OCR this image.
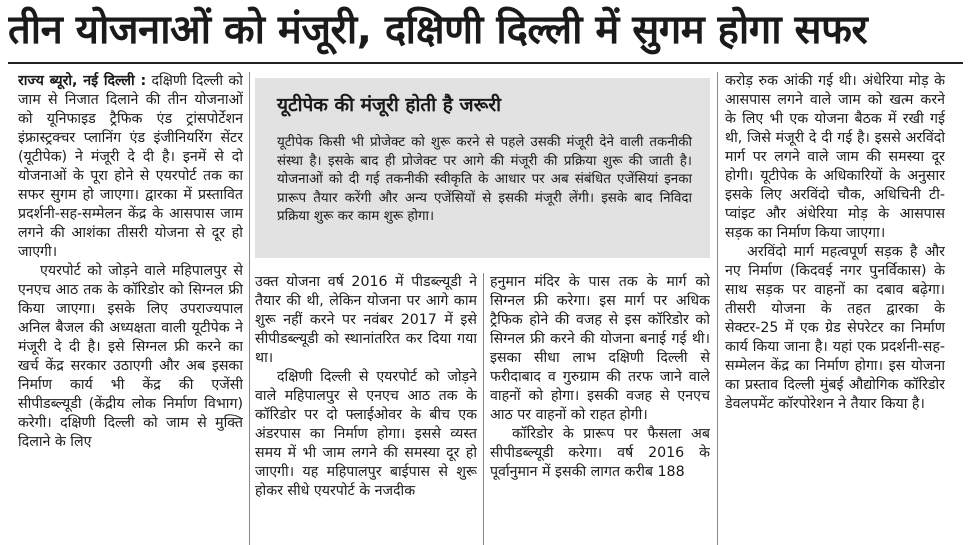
तीन योजनाओं को मंजूरी, दक्षिणी दिल्ली में सुगम होगा सफर

राज्य ब्यूरो, नई दिल्ली : दक्षिणी दिल्ली को जाम से निजात दिलाने की तीन योजनाओं को यूनिफाइड ट्रैफिक एंड ट्रांसपोर्टेशन इंफ्रास्ट्रक्चर प्लानिंग एंड इंजीनियरिंग सेंटर (यूटीपेक) ने मंजूरी दे दी है। इनमें से दो योजनाओं के पूरा होने से एयरपोर्ट तक का सफर सुगम हो जाएगा। द्वारका में प्रस्तावित प्रदर्शनी-सह-सम्मेलन केंद्र के आसपास जाम लगने की आशंका तीसरी योजना से दूर हो जाएगी।

एयरपोर्ट को जोड़ने वाले महिपालपुर से एनएच आठ तक के कॉरिडोर को सिग्नल फ्री किया जाएगा। इसके लिए उपराज्यपाल अनिल बैजल की अध्यक्षता वाली यूटीपेक ने मंजूरी दे दी है। इसे सिग्नल फ्री करने का खर्च केंद्र सरकार उठाएगी और अब इसका निर्माण कार्य भी केंद्र की एजेंसी सीपीडब्ल्यूडी (केंद्रीय लोक निर्माण विभाग) करेगी। दक्षिणी दिल्ली को जाम से मुक्ति दिलाने के लिए

यूटीपेक की मंजूरी होती है जरूरी
यूटीपेक किसी भी प्रोजेक्ट को शुरू करने से पहले उसकी मंजूरी देने वाली तकनीकी संस्था है। इसके बाद ही प्रोजेक्ट पर आगे की मंजूरी की प्रक्रिया शुरू की जाती है। योजनाओं को दी गई तकनीकी स्वीकृति के आधार पर अब संबंधित एजेंसियां इनका प्रारूप तैयार करेंगी और अन्य एजेंसियों से इसकी मंजूरी लेंगी। इसके बाद निविदा प्रक्रिया शुरू कर काम शुरू होगा।

उक्त योजना वर्ष 2016 में पीडब्ल्यूडी ने तैयार की थी, लेकिन योजना पर आगे काम शुरू नहीं करने पर नवंबर 2017 में इसे सीपीडब्ल्यूडी को स्थानांतरित कर दिया गया था।

दक्षिणी दिल्ली से एयरपोर्ट को जोड़ने वाले महिपालपुर से एनएच आठ तक के कॉरिडोर पर दो फ्लाईओवर के बीच एक अंडरपास का निर्माण होगा। इससे व्यस्त समय में भी जाम लगने की समस्या दूर हो जाएगी। यह महिपालपुर बाईपास से शुरू होकर सीधे एयरपोर्ट के नजदीक

हनुमान मंदिर के पास तक के मार्ग को सिग्नल फ्री करेगा। इस मार्ग पर अधिक ट्रैफिक होने की वजह से इस कॉरिडोर को सिग्नल फ्री करने की योजना बनाई गई थी। इसका सीधा लाभ दक्षिणी दिल्ली से फरीदाबाद व गुरुग्राम की तरफ जाने वाले वाहनों को होगा। इसकी वजह से एनएच आठ पर वाहनों को राहत होगी।

कॉरिडोर के प्रारूप पर फैसला अब सीपीडब्ल्यूडी करेगा। वर्ष 2016 के पूर्वानुमान में इसकी लागत करीब 188

करोड़ रुक आंकी गई थी। अंधेरिया मोड़ के आसपास लगने वाले जाम को खत्म करने के लिए भी एक योजना बैठक में रखी गई थी, जिसे मंजूरी दे दी गई है। इससे अरविंदो मार्ग पर लगने वाले जाम की समस्या दूर होगी। यूटीपेक के अधिकारियों के अनुसार इसके लिए अरविंदो चौक, अधिचिनी टी-प्वांइट और अंधेरिया मोड़ के आसपास सड़क का निर्माण किया जाएगा।

अरविंदो मार्ग महत्वपूर्ण सड़क है और नए निर्माण (किदवई नगर पुनर्विकास) के साथ सड़क पर वाहनों का दबाव बढ़ेगा। तीसरी योजना के तहत द्वारका के सेक्टर-25 में एक ग्रेड सेपरेटर का निर्माण कार्य किया जाना है। यहां एक प्रदर्शनी-सह-सम्मेलन केंद्र का निर्माण होगा। इस योजना का प्रस्ताव दिल्ली मुंबई औद्योगिक कॉरिडोर डेवलपमेंट कॉरपोरेशन ने तैयार किया है।
